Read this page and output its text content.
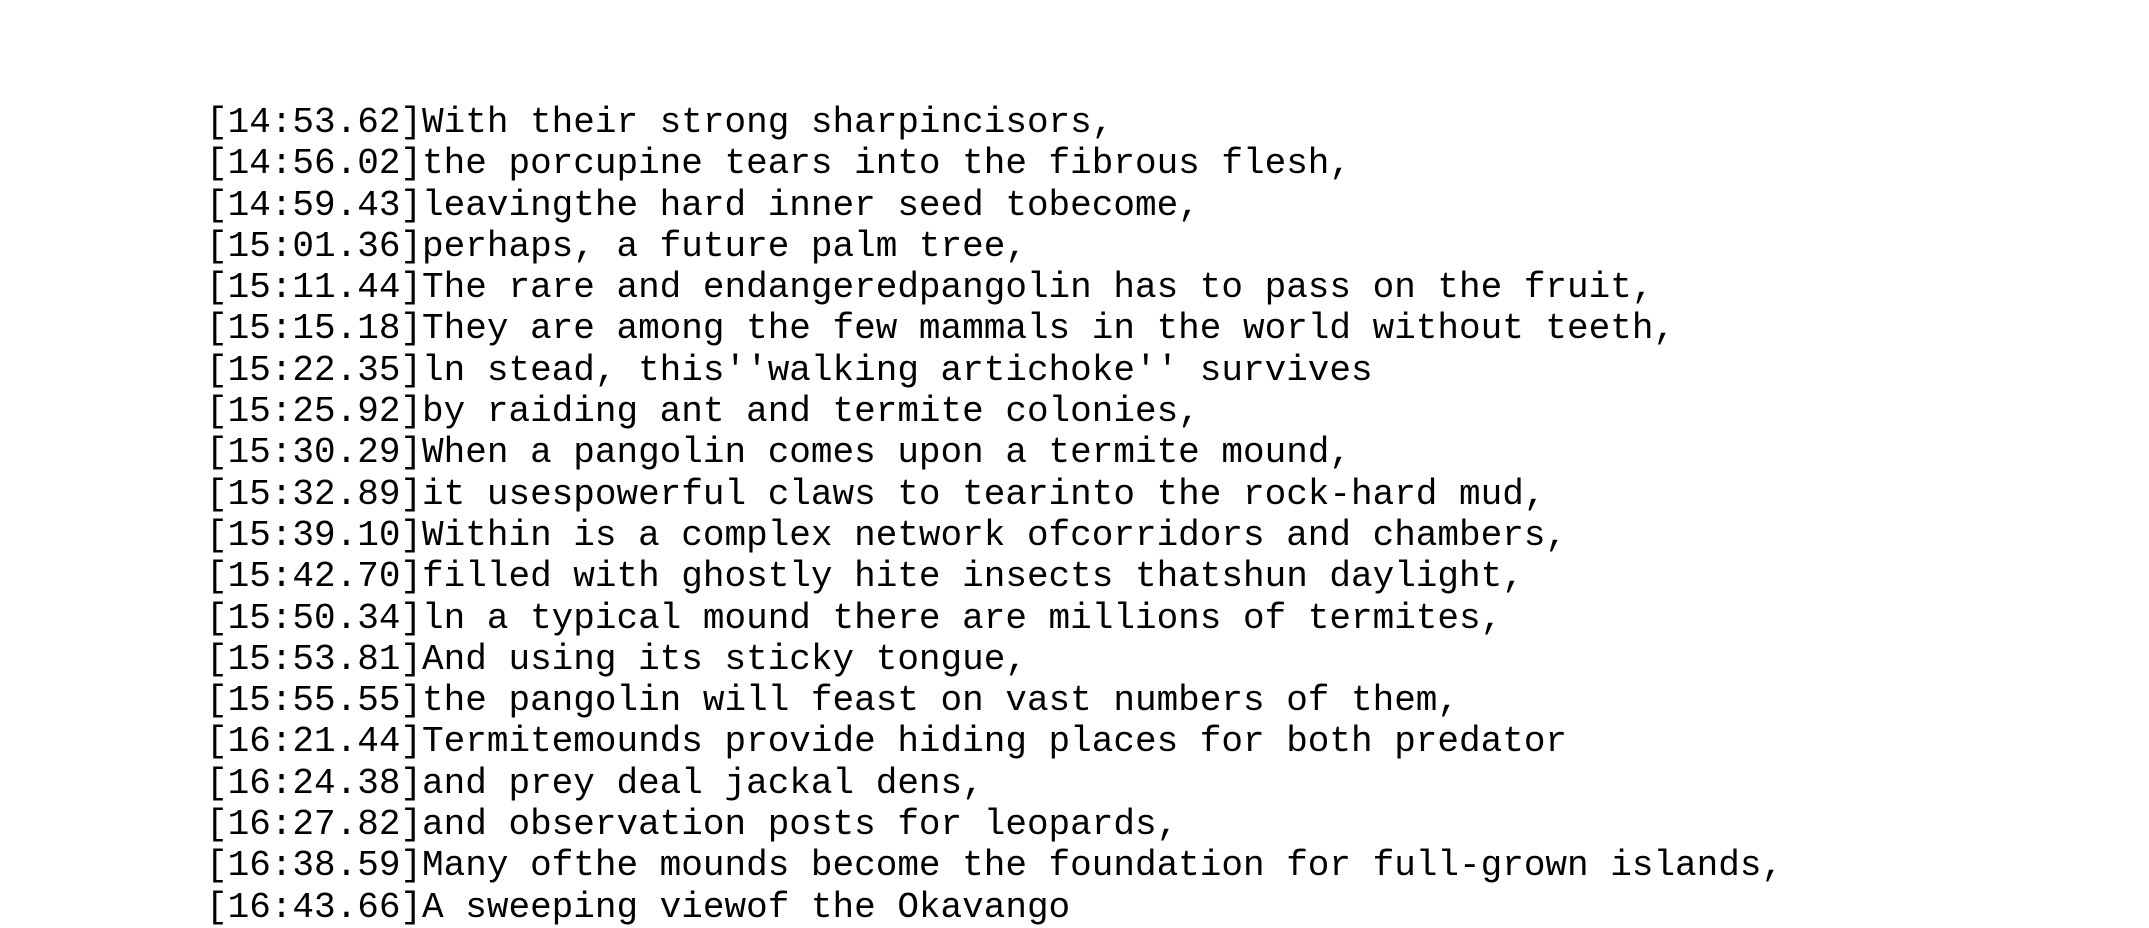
[14:53.62]With their strong sharpincisors,
[14:56.02]the porcupine tears into the fibrous flesh,
[14:59.43]leavingthe hard inner seed tobecome,
[15:01.36]perhaps, a future palm tree,
[15:11.44]The rare and endangeredpangolin has to pass on the fruit,
[15:15.18]They are among the few mammals in the world without teeth,
[15:22.35]ln stead, this''walking artichoke'' survives
[15:25.92]by raiding ant and termite colonies,
[15:30.29]When a pangolin comes upon a termite mound,
[15:32.89]it usespowerful claws to tearinto the rock-hard mud,
[15:39.10]Within is a complex network ofcorridors and chambers,
[15:42.70]filled with ghostly hite insects thatshun daylight,
[15:50.34]ln a typical mound there are millions of termites,
[15:53.81]And using its sticky tongue,
[15:55.55]the pangolin will feast on vast numbers of them,
[16:21.44]Termitemounds provide hiding places for both predator
[16:24.38]and prey deal jackal dens,
[16:27.82]and observation posts for leopards,
[16:38.59]Many ofthe mounds become the foundation for full-grown islands,
[16:43.66]A sweeping viewof the Okavango
